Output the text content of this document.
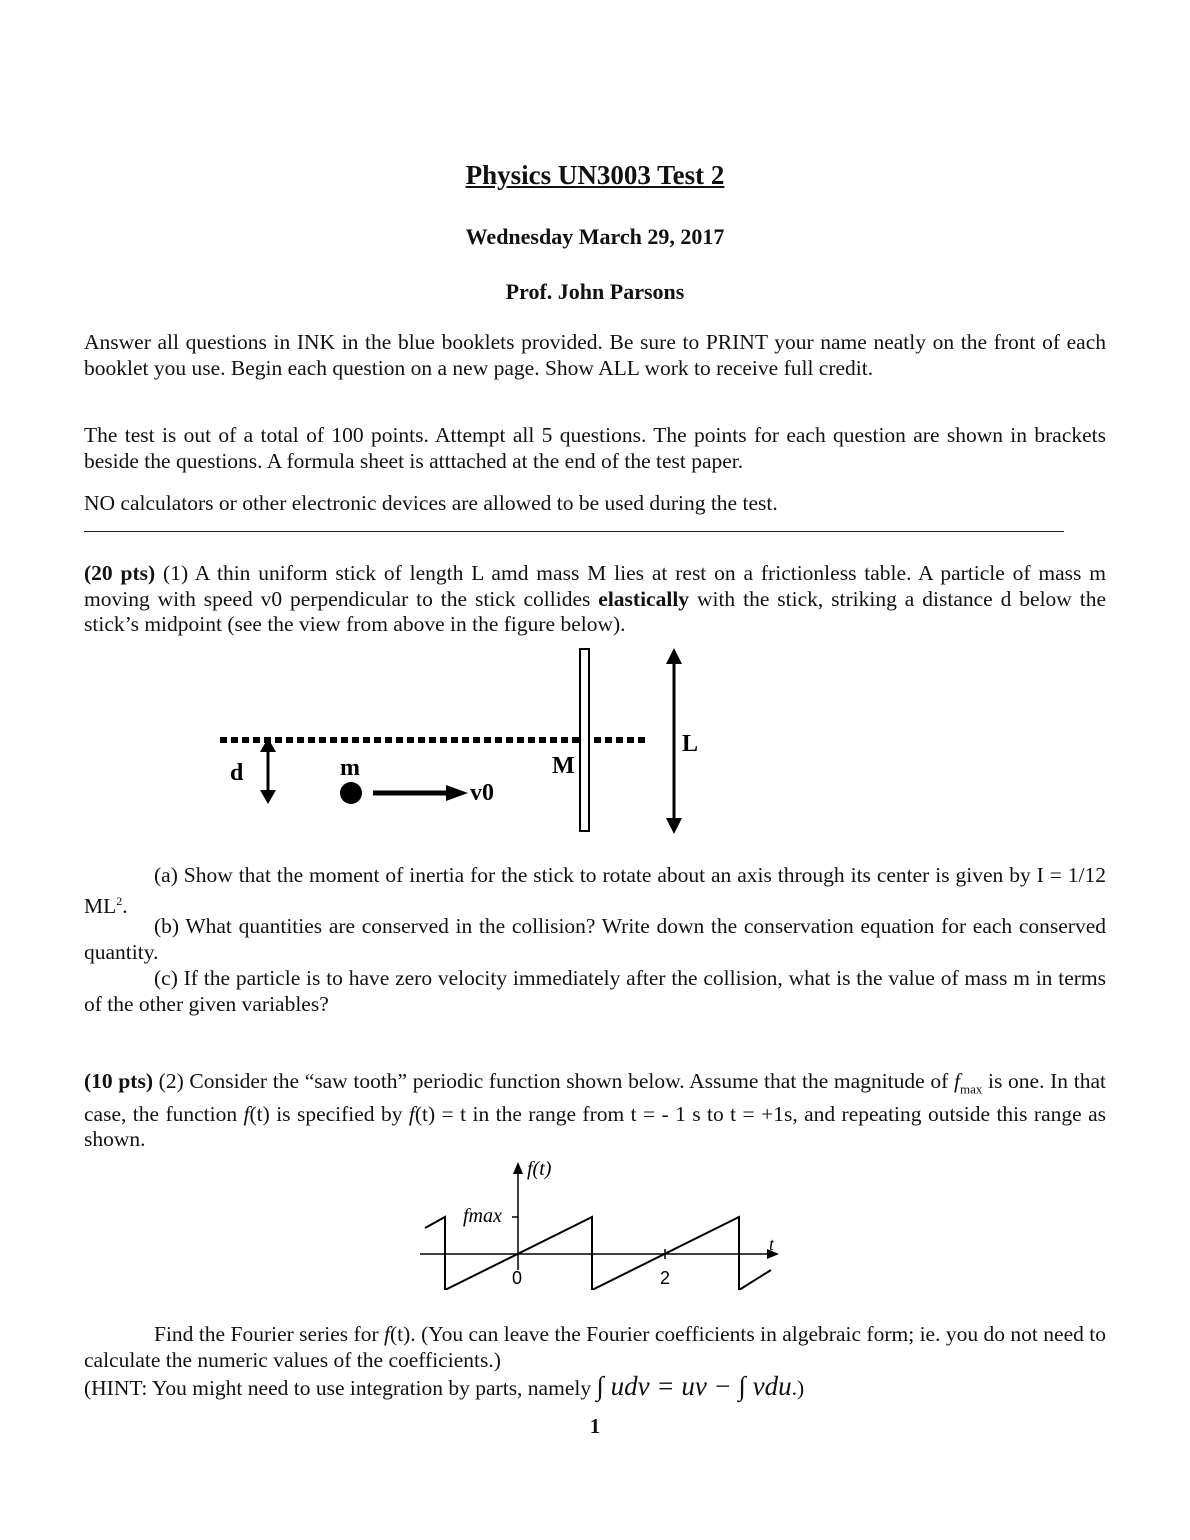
Physics UN3003 Test 2
Wednesday March 29, 2017
Prof. John Parsons
Answer all questions in INK in the blue booklets provided. Be sure to PRINT your name neatly on the front of each booklet you use. Begin each question on a new page. Show ALL work to receive full credit.
The test is out of a total of 100 points. Attempt all 5 questions. The points for each question are shown in brackets beside the questions. A formula sheet is atttached at the end of the test paper.
NO calculators or other electronic devices are allowed to be used during the test.
(20 pts) (1) A thin uniform stick of length L amd mass M lies at rest on a frictionless table. A particle of mass m moving with speed v0 perpendicular to the stick collides elastically with the stick, striking a distance d below the stick’s midpoint (see the view from above in the figure below).
d	m
v0
M
L
(a) Show that the moment of inertia for the stick to rotate about an axis through its center is given by I = 1/12 $ML^2$.
(b) What quantities are conserved in the collision? Write down the conservation equation for each conserved quantity.
(c) If the particle is to have zero velocity immediately after the collision, what is the value of mass m in terms of the other given variables?
(10 pts) (2) Consider the “saw tooth” periodic function shown below. Assume that the magnitude of $f_{max}$ is one. In that case, the function f(t) is specified by f(t) = t in the range from t = - 1 s to t = +1s, and repeating outside this range as shown.
f(t)
fmax
t
0	2
Find the Fourier series for f(t). (You can leave the Fourier coefficients in algebraic form; ie. you do not need to calculate the numeric values of the coefficients.)
(HINT: You might need to use integration by parts, namely ∫ udv = uv − ∫ vdu.)
1
